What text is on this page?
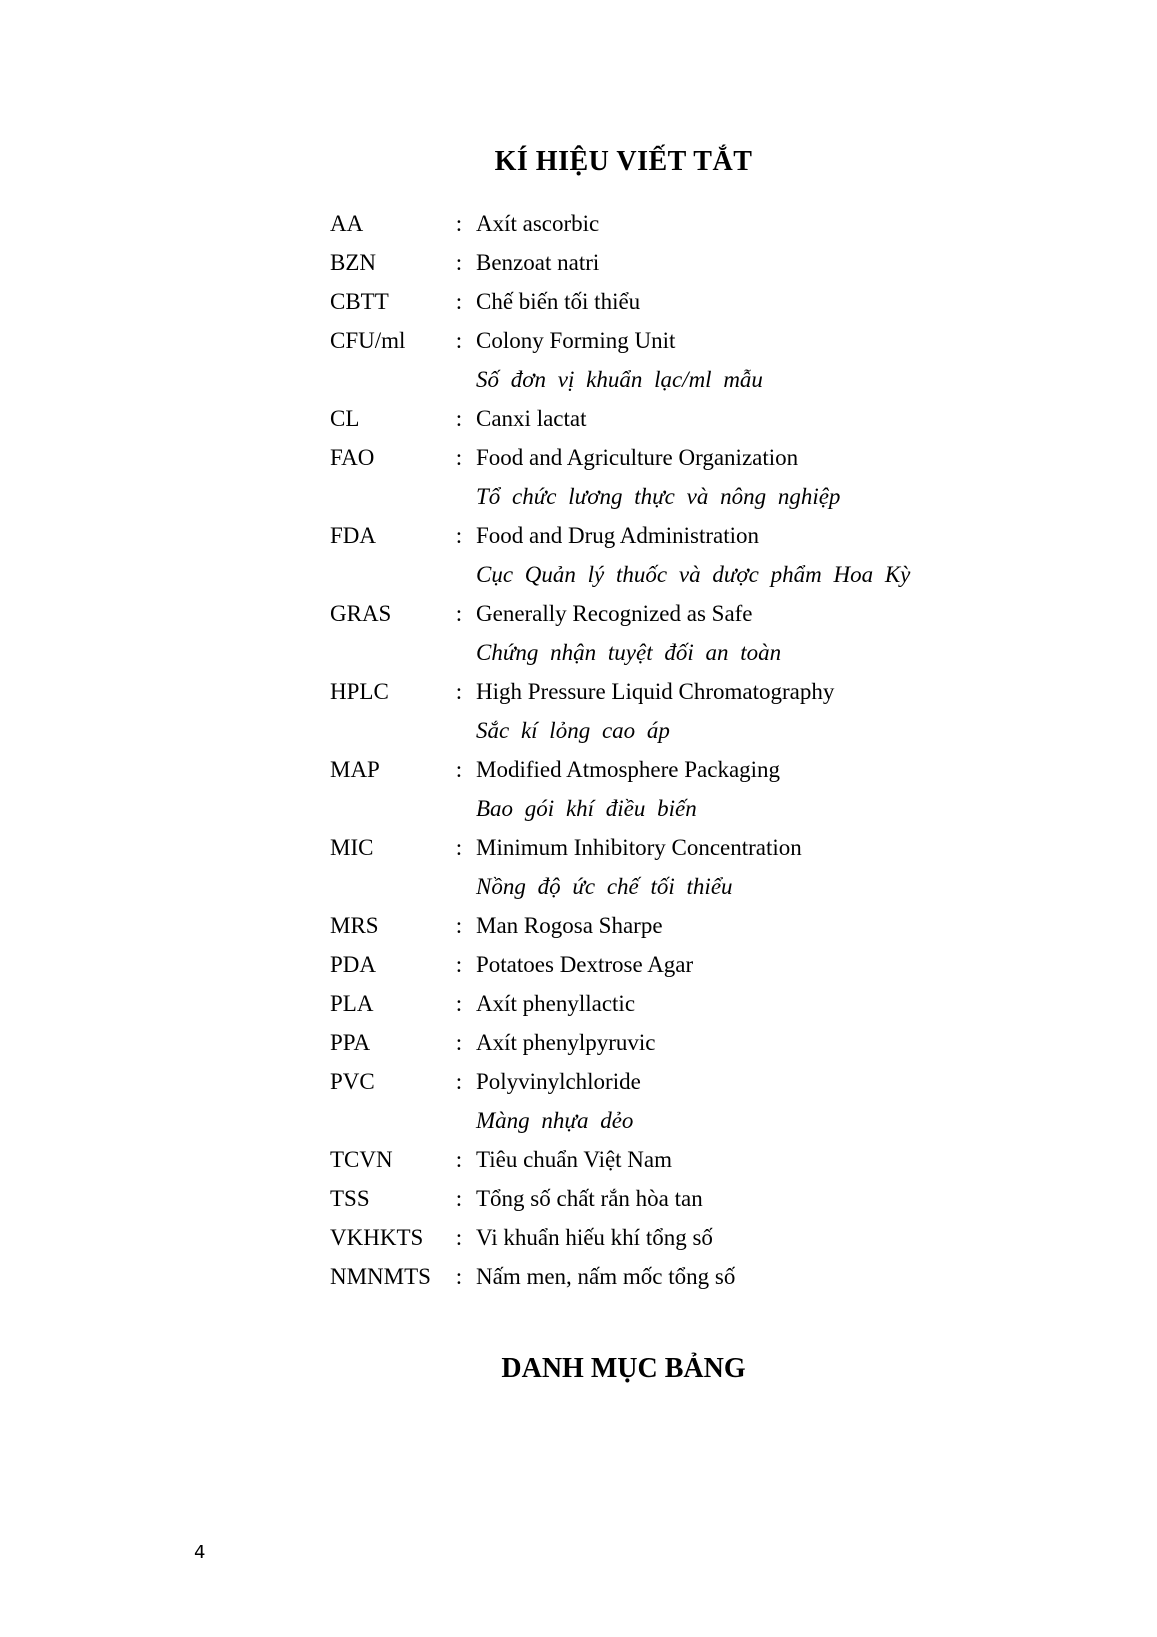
KÍ HIỆU VIẾT TẮT
AA	: Axít ascorbic
BZN	: Benzoat natri
CBTT	: Chế biến tối thiểu
CFU/ml	: Colony Forming Unit
Số đơn vị khuẩn lạc/ml mẫu
CL	: Canxi lactat
FAO	: Food and Agriculture Organization
Tổ chức lương thực và nông nghiệp
FDA	: Food and Drug Administration
Cục Quản lý thuốc và dược phẩm Hoa Kỳ
GRAS	: Generally Recognized as Safe
Chứng nhận tuyệt đối an toàn
HPLC	: High Pressure Liquid Chromatography
Sắc kí lỏng cao áp
MAP	: Modified Atmosphere Packaging
Bao gói khí điều biến
MIC	: Minimum Inhibitory Concentration
Nồng độ ức chế tối thiểu
MRS	: Man Rogosa Sharpe
PDA	: Potatoes Dextrose Agar
PLA	: Axít phenyllactic
PPA	: Axít phenylpyruvic
PVC	: Polyvinylchloride
Màng nhựa dẻo
TCVN	: Tiêu chuẩn Việt Nam
TSS	: Tổng số chất rắn hòa tan
VKHKTS	: Vi khuẩn hiếu khí tổng số
NMNMTS	: Nấm men, nấm mốc tổng số
DANH MỤC BẢNG
4
